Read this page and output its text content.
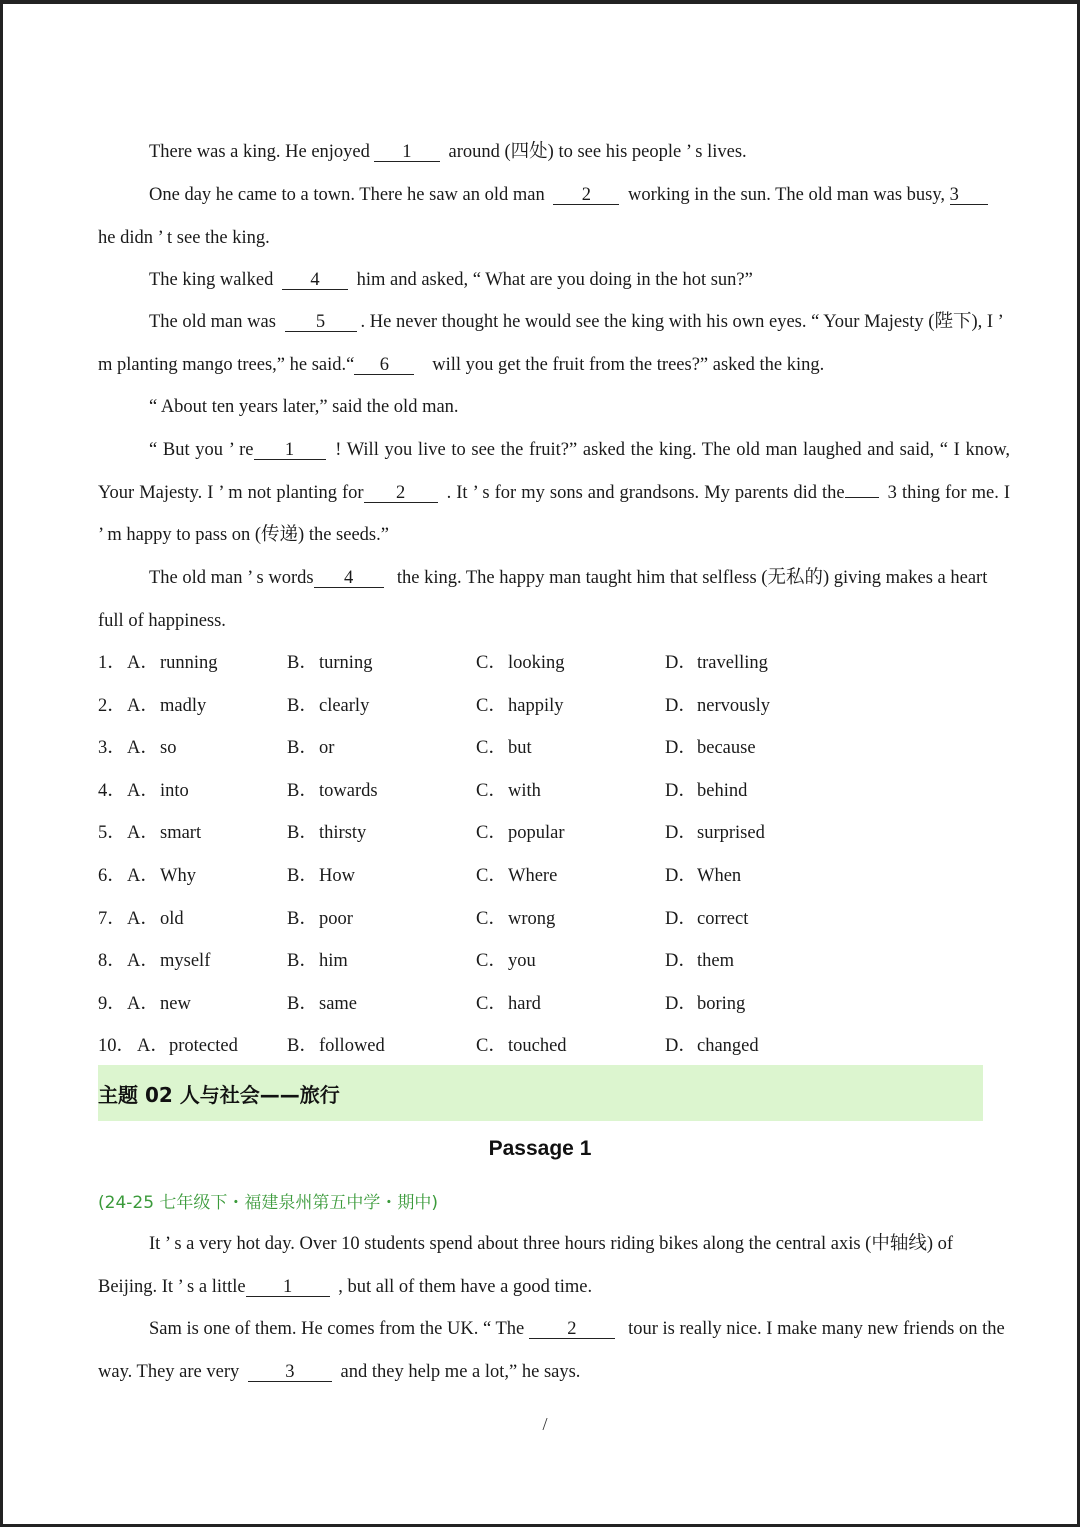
There was a king. He enjoyed 1 around (四处) to see his people ’ s lives.

One day he came to a town. There he saw an old man 2 working in the sun. The old man was busy, 3 he didn ’ t see the king.

The king walked 4 him and asked, “ What are you doing in the hot sun?”

The old man was 5 . He never thought he would see the king with his own eyes. “ Your Majesty (陛下), I ’ m planting mango trees,” he said.“ 6 will you get the fruit from the trees?” asked the king.

“ About ten years later,” said the old man.

“ But you ’ re 1 ! Will you live to see the fruit?” asked the king. The old man laughed and said, “ I know, Your Majesty. I ’ m not planting for 2 . It ’ s for my sons and grandsons. My parents did the 3 thing for me. I ’ m happy to pass on (传递) the seeds.”

The old man ’ s words 4 the king. The happy man taught him that selfless (无私的) giving makes a heart full of happiness.

1． A． running	B． turning	C． looking	D． travelling
2． A． madly	B． clearly	C． happily	D． nervously
3． A． so	B． or	C． but	D． because
4． A． into	B． towards	C． with	D． behind
5． A． smart	B． thirsty	C． popular	D． surprised
6． A． Why	B． How	C． Where	D． When
7． A． old	B． poor	C． wrong	D． correct
8． A． myself	B． him	C． you	D． them
9． A． new	B． same	C． hard	D． boring
10． A． protected	B． followed	C． touched	D． changed
主题 02 人与社会——旅行
Passage 1
(24-25 七年级下・福建泉州第五中学・期中)

It ’ s a very hot day. Over 10 students spend about three hours riding bikes along the central axis (中轴线) of Beijing. It ’ s a little 1 , but all of them have a good time.

Sam is one of them. He comes from the UK. “ The 2	tour is really nice. I make many new friends on the way. They are very 3 and they help me a lot,” he says.

/
